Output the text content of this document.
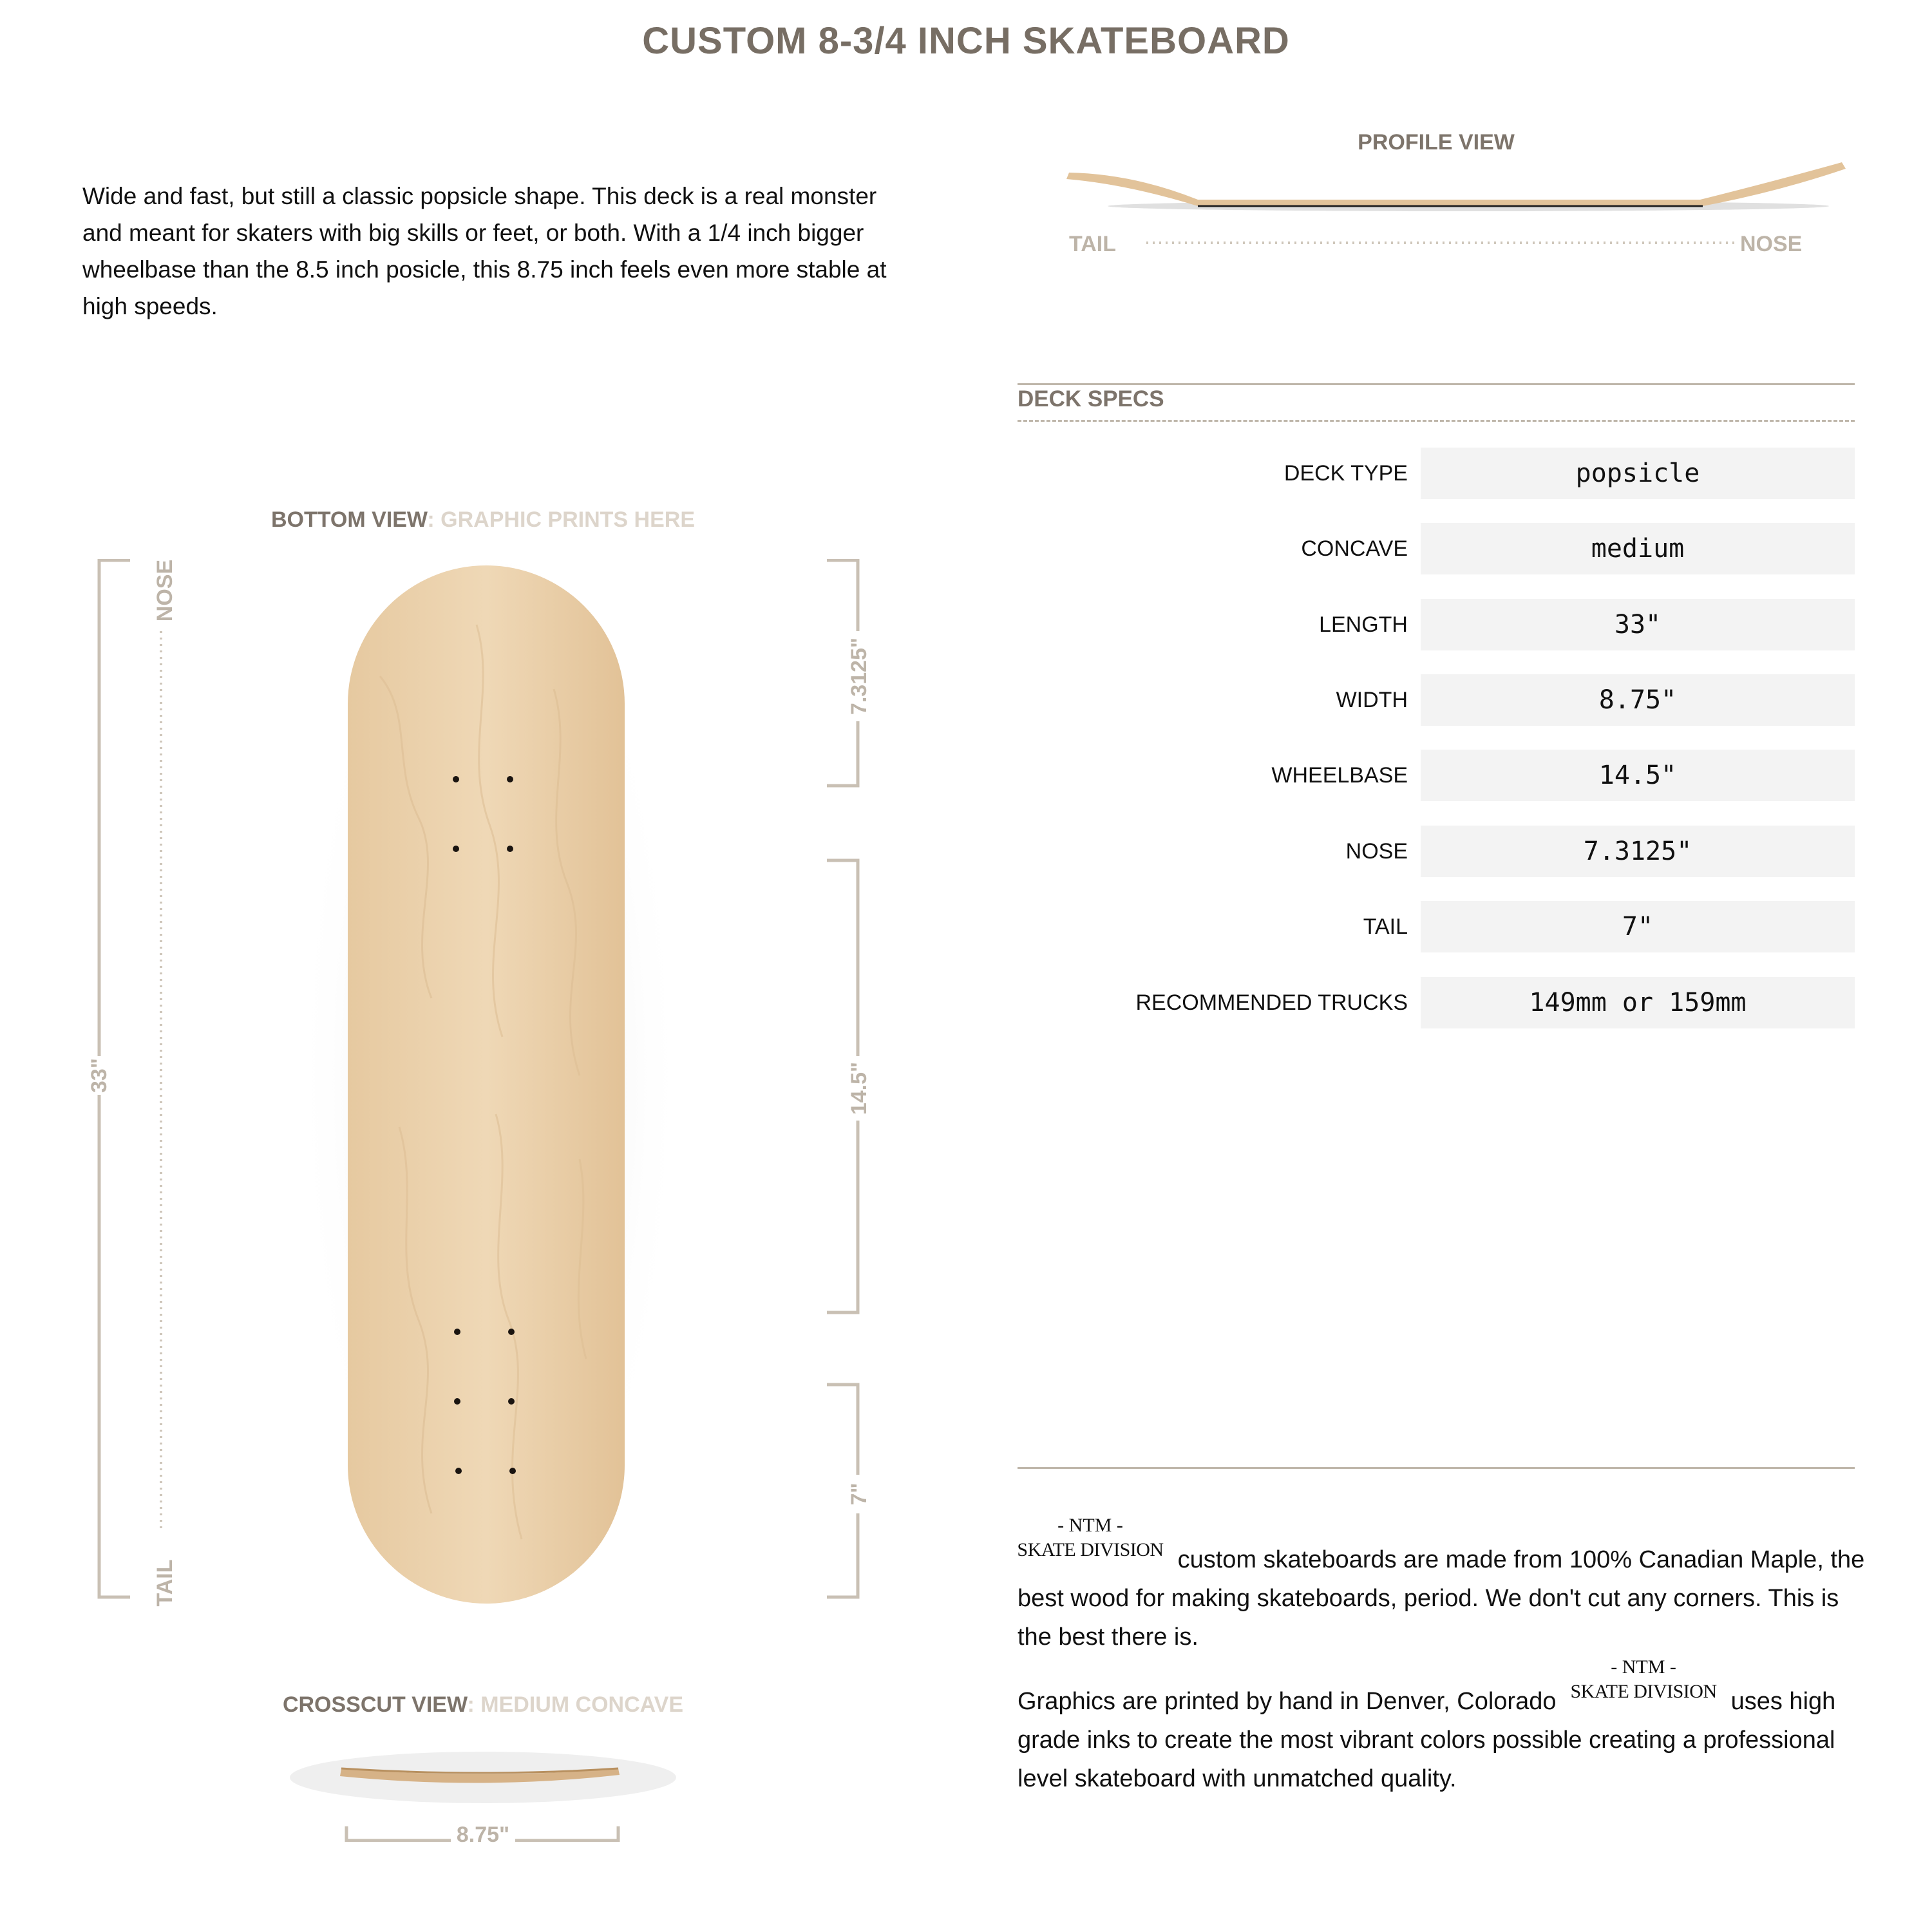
CUSTOM 8-3/4 INCH SKATEBOARD
Wide and fast, but still a classic popsicle shape. This deck is a real monster and meant for skaters with big skills or feet, or both. With a 1/4 inch bigger wheelbase than the 8.5 inch posicle, this 8.75 inch feels even more stable at high speeds.
BOTTOM VIEW: GRAPHIC PRINTS HERE
33"
NOSE
TAIL
7.3125"
14.5"
7"
CROSSCUT VIEW: MEDIUM CONCAVE
8.75"
PROFILE VIEW
TAIL	NOSE
DECK SPECS
DECK TYPE	popsicle
CONCAVE	medium
LENGTH	33"
WIDTH	8.75"
WHEELBASE	14.5"
NOSE	7.3125"
TAIL	7"
RECOMMENDED TRUCKS	149mm or 159mm
- NTM -
SKATE DIVISION custom skateboards are made from 100% Canadian Maple, the best wood for making skateboards, period. We don't cut any corners. This is the best there is.
Graphics are printed by hand in Denver, Colorado
- NTM -
SKATE DIVISION uses high grade inks to create the most vibrant colors possible creating a professional level skateboard with unmatched quality.
